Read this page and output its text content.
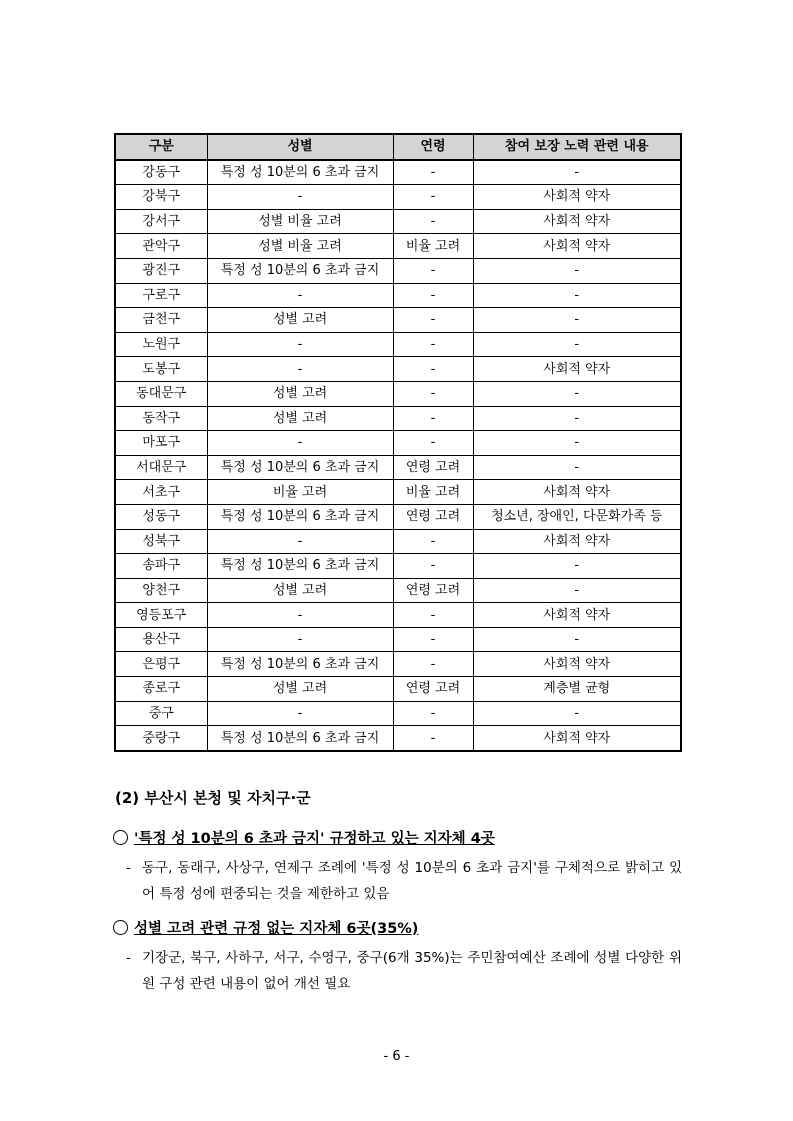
구분	성별	연령	참여 보장 노력 관련 내용
강동구	특정 성 10분의 6 초과 금지	-	-
강북구	-	-	사회적 약자
강서구	성별 비율 고려	-	사회적 약자
관악구	성별 비율 고려	비율 고려	사회적 약자
광진구	특정 성 10분의 6 초과 금지	-	-
구로구	-	-	-
금천구	성별 고려	-	-
노원구	-	-	-
도봉구	-	-	사회적 약자
동대문구	성별 고려	-	-
동작구	성별 고려	-	-
마포구	-	-	-
서대문구	특정 성 10분의 6 초과 금지	연령 고려	-
서초구	비율 고려	비율 고려	사회적 약자
성동구	특정 성 10분의 6 초과 금지	연령 고려	청소년, 장애인, 다문화가족 등
성북구	-	-	사회적 약자
송파구	특정 성 10분의 6 초과 금지	-	-
양천구	성별 고려	연령 고려	-
영등포구	-	-	사회적 약자
용산구	-	-	-
은평구	특정 성 10분의 6 초과 금지	-	사회적 약자
종로구	성별 고려	연령 고려	계층별 균형
중구	-	-	-
중랑구	특정 성 10분의 6 초과 금지	-	사회적 약자
(2) 부산시 본청 및 자치구·군
'특정 성 10분의 6 초과 금지' 규정하고 있는 지자체 4곳
- 동구, 동래구, 사상구, 연제구 조례에 '특정 성 10분의 6 초과 금지'를 구체적으로 밝히고 있어 특정 성에 편중되는 것을 제한하고 있음
성별 고려 관련 규정 없는 지자체 6곳(35%)
- 기장군, 북구, 사하구, 서구, 수영구, 중구(6개 35%)는 주민참여예산 조례에 성별 다양한 위원 구성 관련 내용이 없어 개선 필요
- 6 -
